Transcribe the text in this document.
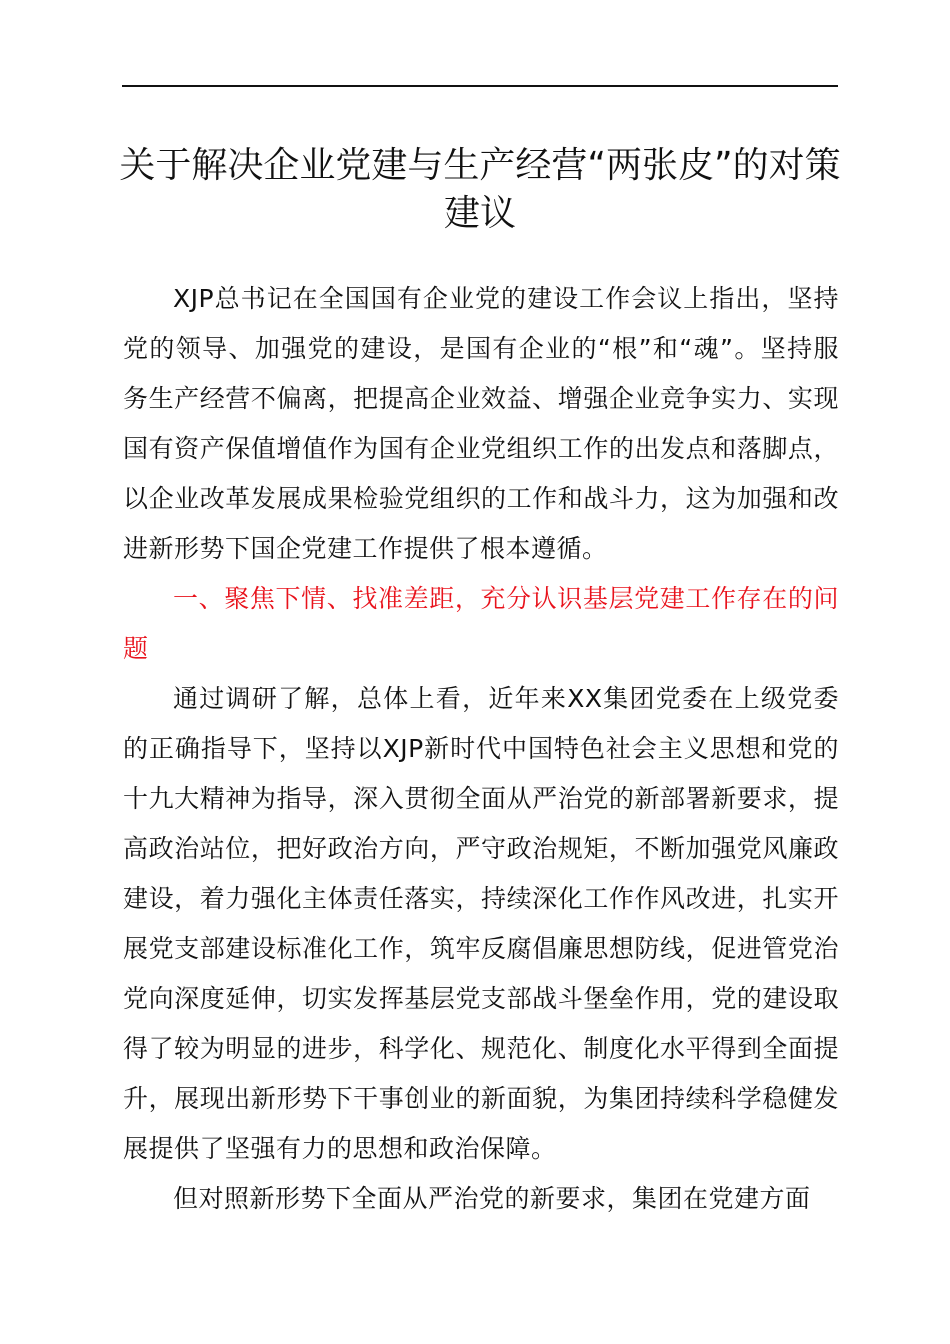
关于解决企业党建与生产经营“两张皮”的对策建议

XJP总书记在全国国有企业党的建设工作会议上指出，坚持党的领导、加强党的建设，是国有企业的“根”和“魂”。坚持服务生产经营不偏离，把提高企业效益、增强企业竞争实力、实现国有资产保值增值作为国有企业党组织工作的出发点和落脚点，以企业改革发展成果检验党组织的工作和战斗力，这为加强和改进新形势下国企党建工作提供了根本遵循。

一、聚焦下情、找准差距，充分认识基层党建工作存在的问题

通过调研了解，总体上看，近年来XX集团党委在上级党委的正确指导下，坚持以XJP新时代中国特色社会主义思想和党的十九大精神为指导，深入贯彻全面从严治党的新部署新要求，提高政治站位，把好政治方向，严守政治规矩，不断加强党风廉政建设，着力强化主体责任落实，持续深化工作作风改进，扎实开展党支部建设标准化工作，筑牢反腐倡廉思想防线，促进管党治党向深度延伸，切实发挥基层党支部战斗堡垒作用，党的建设取得了较为明显的进步，科学化、规范化、制度化水平得到全面提升，展现出新形势下干事创业的新面貌，为集团持续科学稳健发展提供了坚强有力的思想和政治保障。

但对照新形势下全面从严治党的新要求，集团在党建方面
